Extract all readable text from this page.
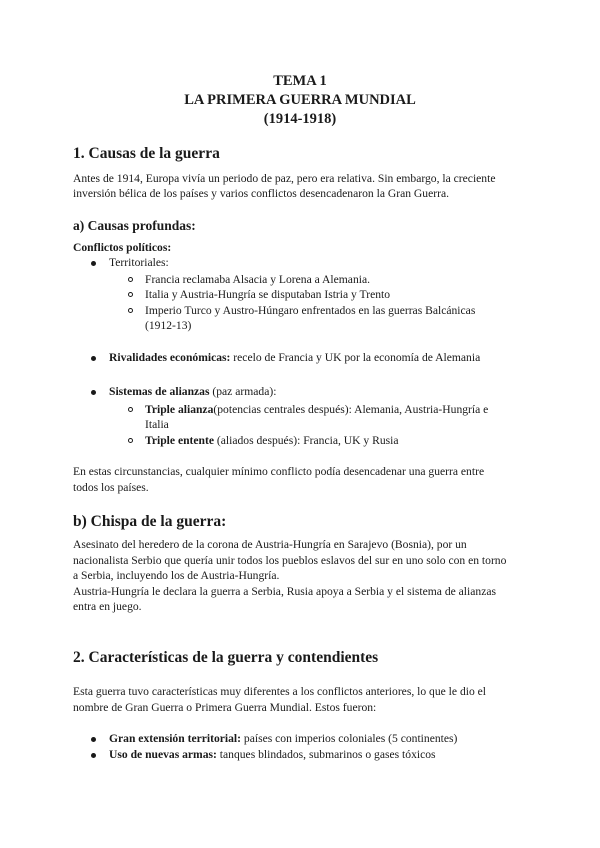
TEMA 1
LA PRIMERA GUERRA MUNDIAL
(1914-1918)
1. Causas de la guerra
Antes de 1914, Europa vivía un periodo de paz, pero era relativa. Sin embargo, la creciente
inversión bélica de los países y varios conflictos desencadenaron la Gran Guerra.
a) Causas profundas:
Conflictos políticos:
Territoriales:
Francia reclamaba Alsacia y Lorena a Alemania.
Italia y Austria-Hungría se disputaban Istria y Trento
Imperio Turco y Austro-Húngaro enfrentados en las guerras Balcánicas
(1912-13)
Rivalidades económicas: recelo de Francia y UK por la economía de Alemania
Sistemas de alianzas (paz armada):
Triple alianza(potencias centrales después): Alemania, Austria-Hungría e
Italia
Triple entente (aliados después): Francia, UK y Rusia
En estas circunstancias, cualquier mínimo conflicto podía desencadenar una guerra entre
todos los países.
b) Chispa de la guerra:
Asesinato del heredero de la corona de Austria-Hungría en Sarajevo (Bosnia), por un
nacionalista Serbio que quería unir todos los pueblos eslavos del sur en uno solo con en torno
a Serbia, incluyendo los de Austria-Hungría.
Austria-Hungría le declara la guerra a Serbia, Rusia apoya a Serbia y el sistema de alianzas
entra en juego.
2. Características de la guerra y contendientes
Esta guerra tuvo características muy diferentes a los conflictos anteriores, lo que le dio el
nombre de Gran Guerra o Primera Guerra Mundial. Estos fueron:
Gran extensión territorial: países con imperios coloniales (5 continentes)
Uso de nuevas armas: tanques blindados, submarinos o gases tóxicos
